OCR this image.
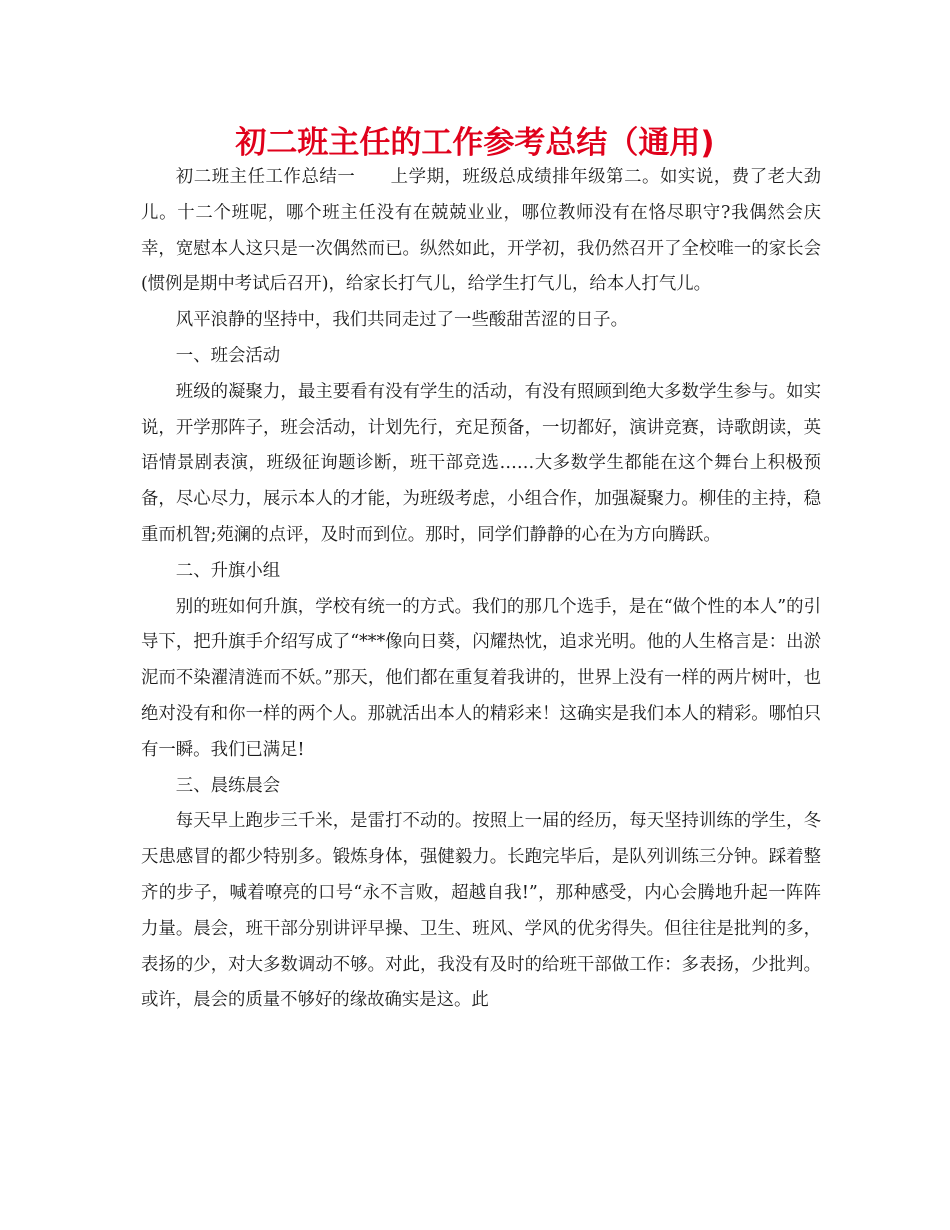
初二班主任的工作参考总结（通用)

初二班主任工作总结一 上学期，班级总成绩排年级第二。如实说，费了老大劲儿。十二个班呢，哪个班主任没有在兢兢业业，哪位教师没有在恪尽职守?我偶然会庆幸，宽慰本人这只是一次偶然而已。纵然如此，开学初，我仍然召开了全校唯一的家长会(惯例是期中考试后召开)，给家长打气儿，给学生打气儿，给本人打气儿。

风平浪静的坚持中，我们共同走过了一些酸甜苦涩的日子。

一、班会活动

班级的凝聚力，最主要看有没有学生的活动，有没有照顾到绝大多数学生参与。如实说，开学那阵子，班会活动，计划先行，充足预备，一切都好，演讲竞赛，诗歌朗读，英语情景剧表演，班级征询题诊断，班干部竞选……大多数学生都能在这个舞台上积极预备，尽心尽力，展示本人的才能，为班级考虑，小组合作，加强凝聚力。柳佳的主持，稳重而机智;苑澜的点评，及时而到位。那时，同学们静静的心在为方向腾跃。

二、升旗小组

别的班如何升旗，学校有统一的方式。我们的那几个选手，是在“做个性的本人”的引导下，把升旗手介绍写成了“***像向日葵，闪耀热忱，追求光明。他的人生格言是：出淤泥而不染濯清涟而不妖。”那天，他们都在重复着我讲的，世界上没有一样的两片树叶，也绝对没有和你一样的两个人。那就活出本人的精彩来！这确实是我们本人的精彩。哪怕只有一瞬。我们已满足!

三、晨练晨会

每天早上跑步三千米，是雷打不动的。按照上一届的经历，每天坚持训练的学生，冬天患感冒的都少特别多。锻炼身体，强健毅力。长跑完毕后，是队列训练三分钟。踩着整齐的步子，喊着嘹亮的口号“永不言败，超越自我!”，那种感受，内心会腾地升起一阵阵力量。晨会，班干部分别讲评早操、卫生、班风、学风的优劣得失。但往往是批判的多，表扬的少，对大多数调动不够。对此，我没有及时的给班干部做工作：多表扬，少批判。或许，晨会的质量不够好的缘故确实是这。此
